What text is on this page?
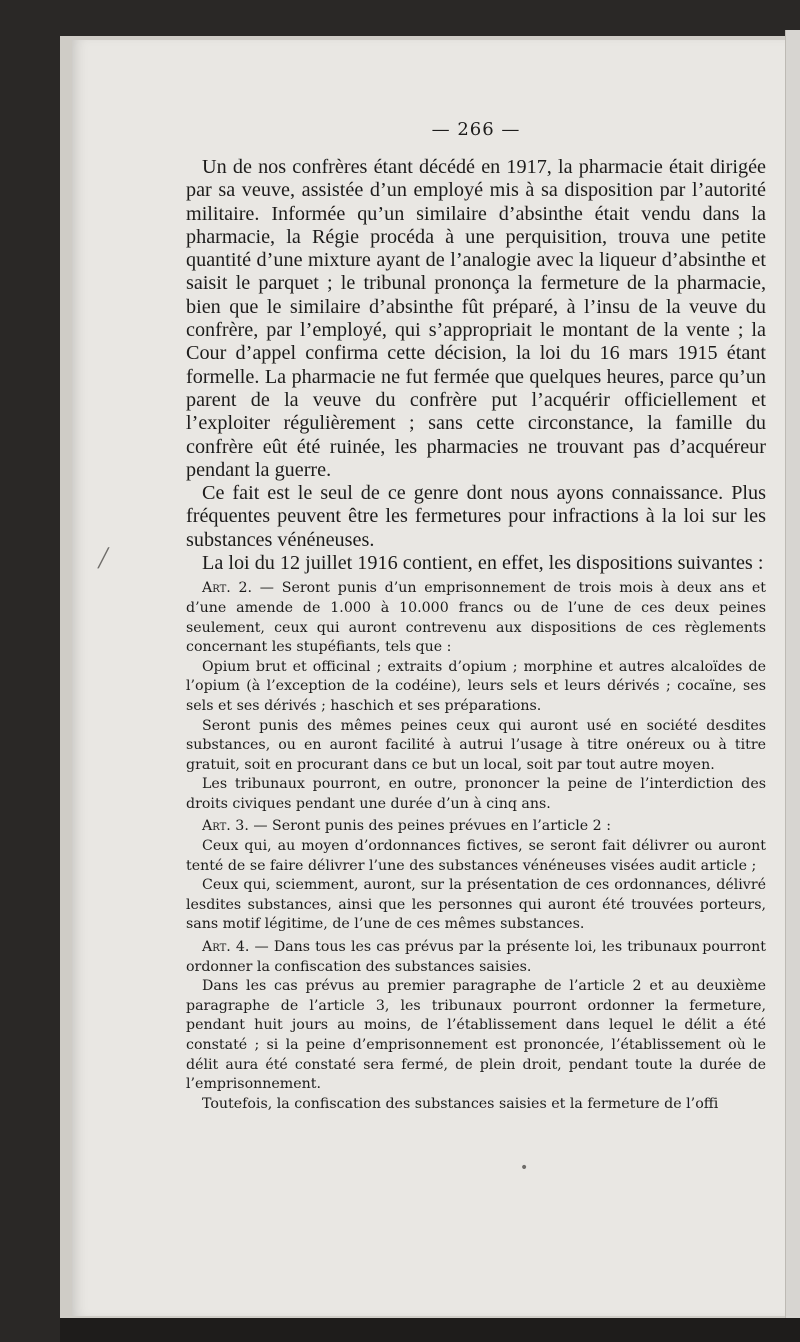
╱
— 266 —

Un de nos confrères étant décédé en 1917, la pharmacie était dirigée par sa veuve, assistée d’un employé mis à sa disposition par l’autorité militaire. Informée qu’un similaire d’absinthe était vendu dans la pharmacie, la Régie procéda à une perquisition, trouva une petite quantité d’une mixture ayant de l’analogie avec la liqueur d’absinthe et saisit le parquet ; le tribunal prononça la fermeture de la pharmacie, bien que le similaire d’absinthe fût préparé, à l’insu de la veuve du confrère, par l’employé, qui s’appropriait le montant de la vente ; la Cour d’appel confirma cette décision, la loi du 16 mars 1915 étant formelle. La pharmacie ne fut fermée que quelques heures, parce qu’un parent de la veuve du confrère put l’acquérir officiellement et l’exploiter régulièrement ; sans cette circonstance, la famille du confrère eût été ruinée, les pharmacies ne trouvant pas d’acquéreur pendant la guerre.

Ce fait est le seul de ce genre dont nous ayons connaissance. Plus fréquentes peuvent être les fermetures pour infractions à la loi sur les substances vénéneuses.

La loi du 12 juillet 1916 contient, en effet, les dispositions suivantes :

Art. 2. — Seront punis d’un emprisonnement de trois mois à deux ans et d’une amende de 1.000 à 10.000 francs ou de l’une de ces deux peines seulement, ceux qui auront contrevenu aux dispositions de ces règlements concernant les stupéfiants, tels que :

Opium brut et officinal ; extraits d’opium ; morphine et autres alcaloïdes de l’opium (à l’exception de la codéine), leurs sels et leurs dérivés ; cocaïne, ses sels et ses dérivés ; haschich et ses préparations.

Seront punis des mêmes peines ceux qui auront usé en société desdites substances, ou en auront facilité à autrui l’usage à titre onéreux ou à titre gratuit, soit en procurant dans ce but un local, soit par tout autre moyen.

Les tribunaux pourront, en outre, prononcer la peine de l’interdiction des droits civiques pendant une durée d’un à cinq ans.

Art. 3. — Seront punis des peines prévues en l’article 2 :

Ceux qui, au moyen d’ordonnances fictives, se seront fait délivrer ou auront tenté de se faire délivrer l’une des substances vénéneuses visées audit article ;

Ceux qui, sciemment, auront, sur la présentation de ces ordonnances, délivré lesdites substances, ainsi que les personnes qui auront été trouvées porteurs, sans motif légitime, de l’une de ces mêmes substances.

Art. 4. — Dans tous les cas prévus par la présente loi, les tribunaux pourront ordonner la confiscation des substances saisies.

Dans les cas prévus au premier paragraphe de l’article 2 et au deuxième paragraphe de l’article 3, les tribunaux pourront ordonner la fermeture, pendant huit jours au moins, de l’établissement dans lequel le délit a été constaté ; si la peine d’emprisonnement est prononcée, l’établissement où le délit aura été constaté sera fermé, de plein droit, pendant toute la durée de l’emprisonnement.

Toutefois, la confiscation des substances saisies et la fermeture de l’offi

•
